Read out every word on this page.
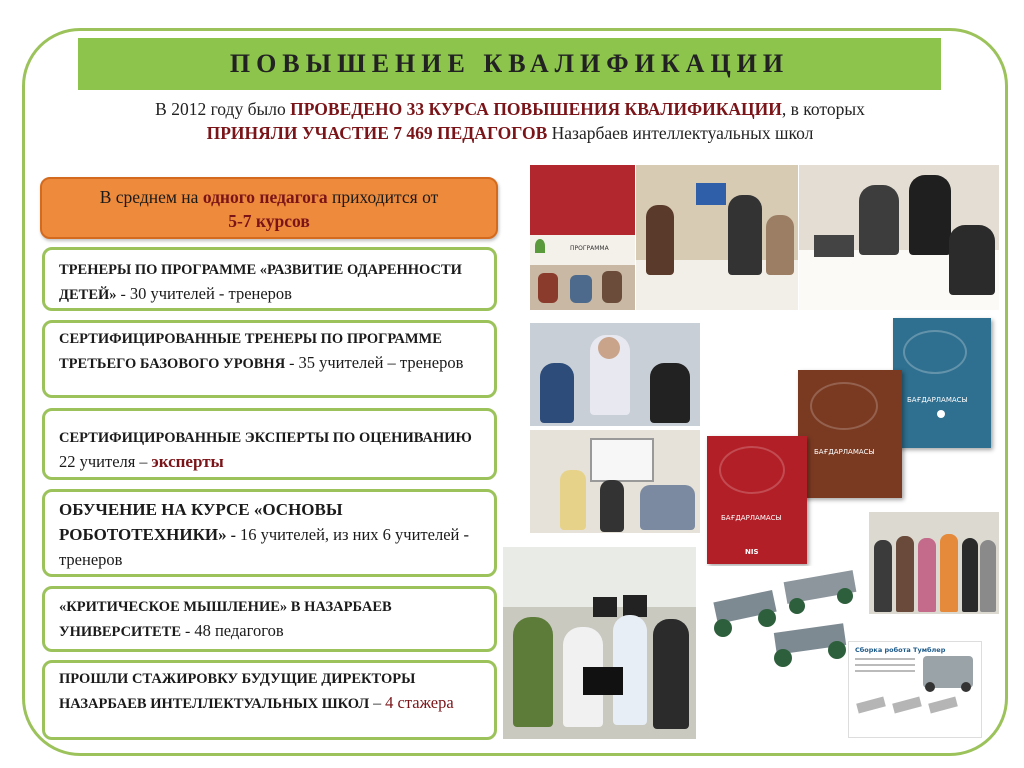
ПОВЫШЕНИЕ КВАЛИФИКАЦИИ
В 2012 году было ПРОВЕДЕНО 33 КУРСА ПОВЫШЕНИЯ КВАЛИФИКАЦИИ, в которых
ПРИНЯЛИ УЧАСТИЕ 7 469 ПЕДАГОГОВ Назарбаев интеллектуальных школ
В среднем на одного педагога приходится от
5-7 курсов
ТРЕНЕРЫ ПО ПРОГРАММЕ «РАЗВИТИЕ ОДАРЕННОСТИ ДЕТЕЙ» - 30 учителей - тренеров
СЕРТИФИЦИРОВАННЫЕ ТРЕНЕРЫ ПО ПРОГРАММЕ ТРЕТЬЕГО БАЗОВОГО УРОВНЯ - 35 учителей – тренеров
СЕРТИФИЦИРОВАННЫЕ ЭКСПЕРТЫ ПО ОЦЕНИВАНИЮ 22 учителя – эксперты
ОБУЧЕНИЕ НА КУРСЕ «ОСНОВЫ РОБОТОТЕХНИКИ» - 16 учителей, из них 6 учителей - тренеров
«КРИТИЧЕСКОЕ МЫШЛЕНИЕ» В НАЗАРБАЕВ УНИВЕРСИТЕТЕ - 48 педагогов
ПРОШЛИ СТАЖИРОВКУ БУДУЩИЕ ДИРЕКТОРЫ НАЗАРБАЕВ ИНТЕЛЛЕКТУАЛЬНЫХ ШКОЛ – 4 стажера
ПРОГРАММА
БАҒДАРЛАМАСЫ
БАҒДАРЛАМАСЫ
БАҒДАРЛАМАСЫ
NIS
Сборка робота Тумблер
